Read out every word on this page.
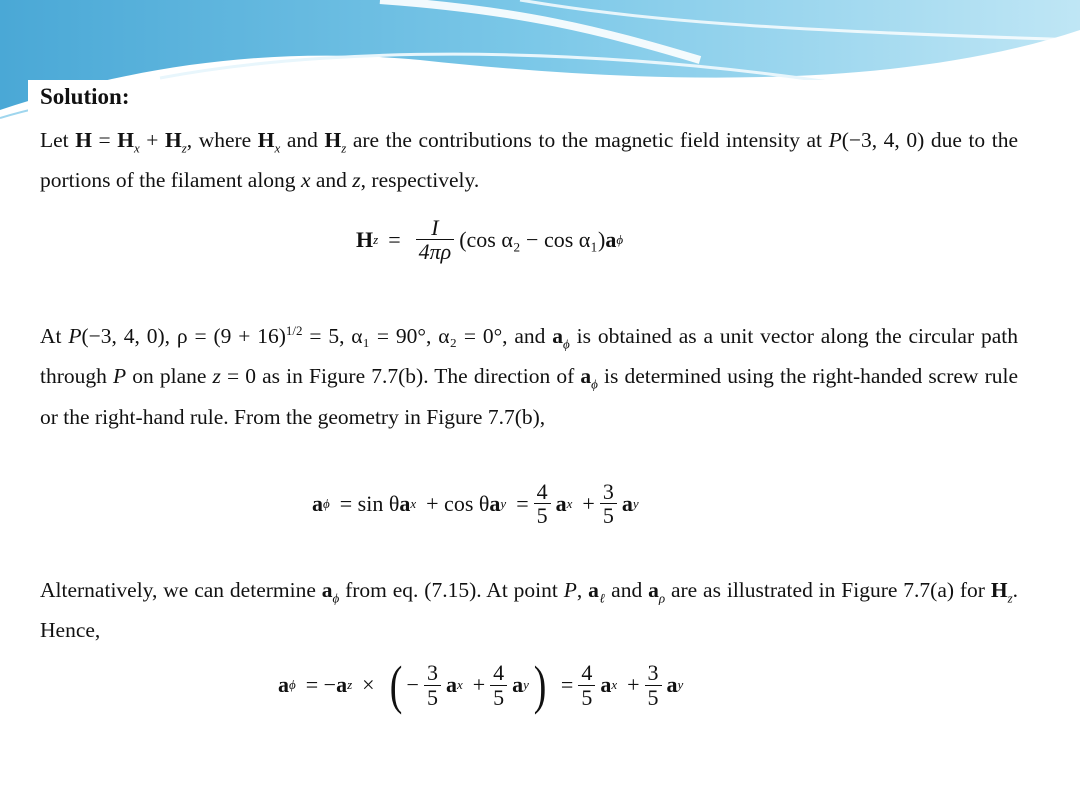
Solution:
Let $H = H_x + H_z$, where $H_x$ and $H_z$ are the contributions to the magnetic field intensity at P(−3, 4, 0) due to the portions of the filament along x and z, respectively.
H $z = \frac{I}{4\pi\rho} (\cos$ α₂ − cos α₁) a ϕ
At P(−3, 4, 0), $\rho = (9 + 16)^{1/2} = 5$, α₁ = 90°, α₂ = 0°, and $a_\phi$ is obtained as a unit vector along the circular path through P on plane z = 0 as in Figure 7.7(b). The direction of $a_\phi$ is determined using the right-handed screw rule or the right-hand rule. From the geometry in Figure 7.7(b),
a ϕ = sin θ a x + cos θ a $y = \frac{4}{5}$ a $x + \frac{3}{5}$ a y
Alternatively, we can determine $a_\phi$ from eq. (7.15). At point P, $a_\ell$ and $a_\rho$ are as illustrated in Figure 7.7(a) for $H_z$. Hence,
a ϕ = − a z × ( − $\frac{3}{5}$ a $x + \frac{4}{5}$ a y ) = $\frac{4}{5}$ a $x + \frac{3}{5}$ a y
